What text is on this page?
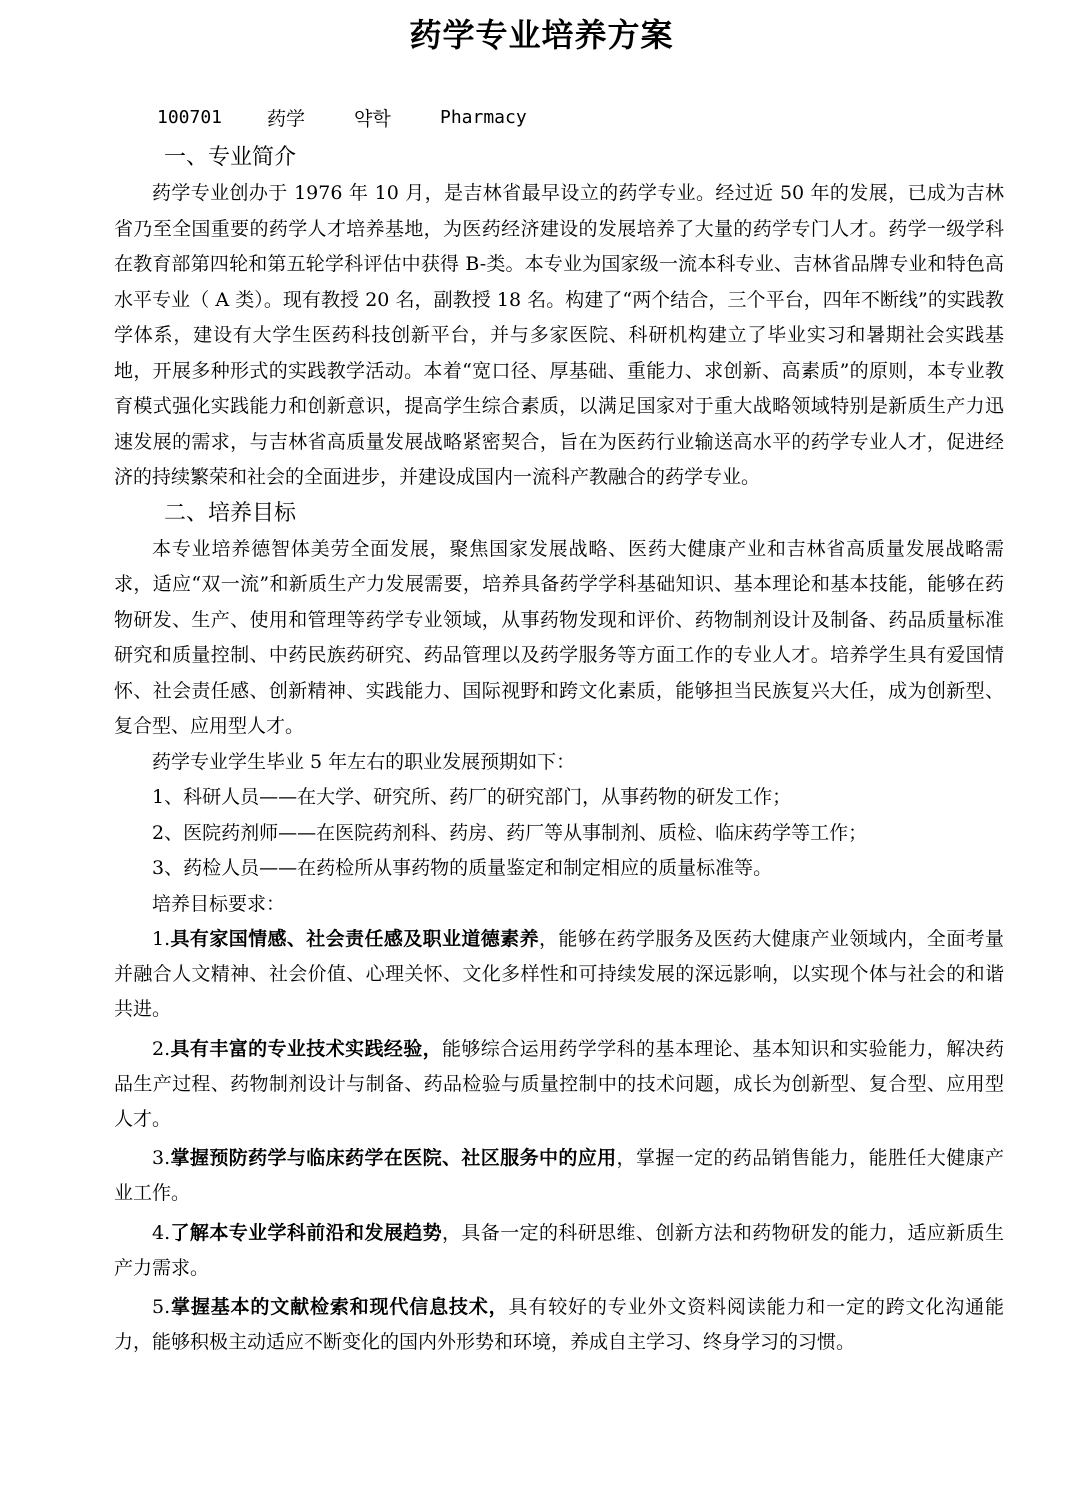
药学专业培养方案
100701	药学	약학	Pharmacy
一、专业简介

药学专业创办于 1976 年 10 月，是吉林省最早设立的药学专业。经过近 50 年的发展，已成为吉林省乃至全国重要的药学人才培养基地，为医药经济建设的发展培养了大量的药学专门人才。药学一级学科在教育部第四轮和第五轮学科评估中获得 B-类。本专业为国家级一流本科专业、吉林省品牌专业和特色高水平专业（ A 类）。现有教授 20 名，副教授 18 名。构建了“两个结合，三个平台，四年不断线”的实践教学体系，建设有大学生医药科技创新平台，并与多家医院、科研机构建立了毕业实习和暑期社会实践基地，开展多种形式的实践教学活动。本着“宽口径、厚基础、重能力、求创新、高素质”的原则，本专业教育模式强化实践能力和创新意识，提高学生综合素质，以满足国家对于重大战略领域特别是新质生产力迅速发展的需求，与吉林省高质量发展战略紧密契合，旨在为医药行业输送高水平的药学专业人才，促进经济的持续繁荣和社会的全面进步，并建设成国内一流科产教融合的药学专业。

二、培养目标

本专业培养德智体美劳全面发展，聚焦国家发展战略、医药大健康产业和吉林省高质量发展战略需求，适应“双一流”和新质生产力发展需要，培养具备药学学科基础知识、基本理论和基本技能，能够在药物研发、生产、使用和管理等药学专业领域，从事药物发现和评价、药物制剂设计及制备、药品质量标准研究和质量控制、中药民族药研究、药品管理以及药学服务等方面工作的专业人才。培养学生具有爱国情怀、社会责任感、创新精神、实践能力、国际视野和跨文化素质，能够担当民族复兴大任，成为创新型、复合型、应用型人才。

药学专业学生毕业 5 年左右的职业发展预期如下：

1、科研人员——在大学、研究所、药厂的研究部门，从事药物的研发工作；

2、医院药剂师——在医院药剂科、药房、药厂等从事制剂、质检、临床药学等工作；

3、药检人员——在药检所从事药物的质量鉴定和制定相应的质量标准等。

培养目标要求：

1.具有家国情感、社会责任感及职业道德素养，能够在药学服务及医药大健康产业领域内，全面考量并融合人文精神、社会价值、心理关怀、文化多样性和可持续发展的深远影响，以实现个体与社会的和谐共进。

2.具有丰富的专业技术实践经验，能够综合运用药学学科的基本理论、基本知识和实验能力，解决药品生产过程、药物制剂设计与制备、药品检验与质量控制中的技术问题，成长为创新型、复合型、应用型人才。

3.掌握预防药学与临床药学在医院、社区服务中的应用，掌握一定的药品销售能力，能胜任大健康产业工作。

4.了解本专业学科前沿和发展趋势，具备一定的科研思维、创新方法和药物研发的能力，适应新质生产力需求。

5.掌握基本的文献检索和现代信息技术，具有较好的专业外文资料阅读能力和一定的跨文化沟通能力，能够积极主动适应不断变化的国内外形势和环境，养成自主学习、终身学习的习惯。
